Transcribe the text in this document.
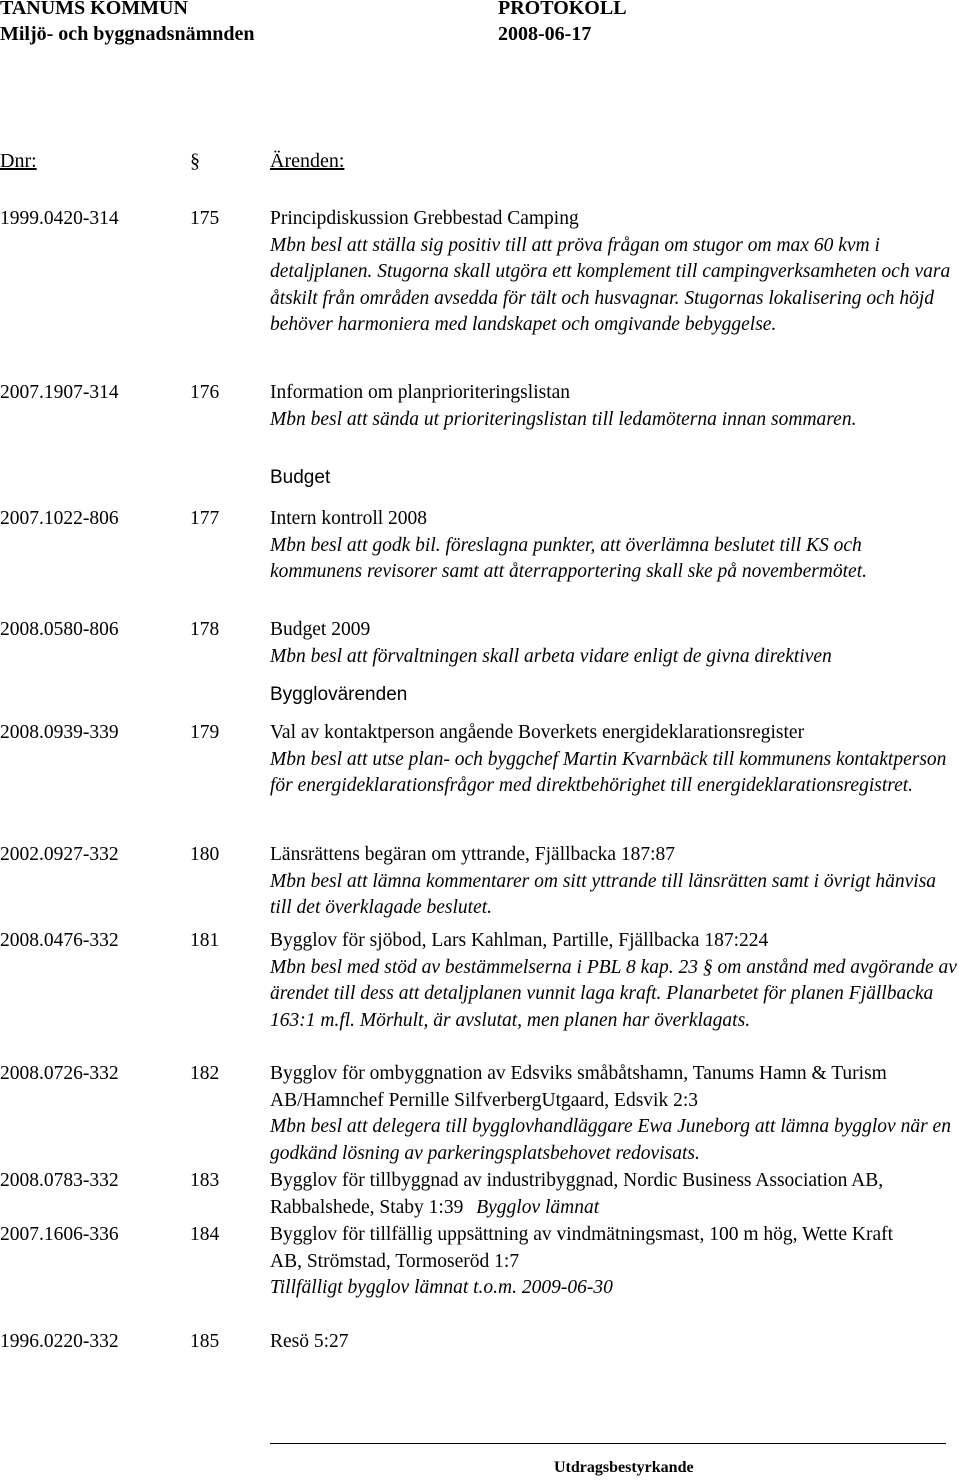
TANUMS KOMMUN
Miljö- och byggnadsnämnden
PROTOKOLL
2008-06-17
Dnr:	§	Ärenden:
1999.0420-314	175	Principdiskussion Grebbestad Camping
Mbn besl att ställa sig positiv till att pröva frågan om stugor om max 60 kvm i detaljplanen. Stugorna skall utgöra ett komplement till campingverksamheten och vara åtskilt från områden avsedda för tält och husvagnar. Stugornas lokalisering och höjd behöver harmoniera med landskapet och omgivande bebyggelse.
2007.1907-314	176	Information om planprioriteringslistan
Mbn besl att sända ut prioriteringslistan till ledamöterna innan sommaren.
Budget
2007.1022-806	177	Intern kontroll 2008
Mbn besl att godk bil. föreslagna punkter, att överlämna beslutet till KS och kommunens revisorer samt att återrapportering skall ske på novembermötet.
2008.0580-806	178	Budget 2009
Mbn besl att förvaltningen skall arbeta vidare enligt de givna direktiven
Bygglovärenden
2008.0939-339	179	Val av kontaktperson angående Boverkets energideklarationsregister
Mbn besl att utse plan- och byggchef Martin Kvarnbäck till kommunens kontaktperson för energideklarationsfrågor med direktbehörighet till energideklarationsregistret.
2002.0927-332	180	Länsrättens begäran om yttrande, Fjällbacka 187:87
Mbn besl att lämna kommentarer om sitt yttrande till länsrätten samt i övrigt hänvisa till det överklagade beslutet.
2008.0476-332	181	Bygglov för sjöbod, Lars Kahlman, Partille, Fjällbacka 187:224
Mbn besl med stöd av bestämmelserna i PBL 8 kap. 23 § om anstånd med avgörande av ärendet till dess att detaljplanen vunnit laga kraft. Planarbetet för planen Fjällbacka 163:1 m.fl. Mörhult, är avslutat, men planen har överklagats.
2008.0726-332	182	Bygglov för ombyggnation av Edsviks småbåtshamn, Tanums Hamn & Turism AB/Hamnchef Pernille SilfverbergUtgaard, Edsvik 2:3
Mbn besl att delegera till bygglovhandläggare Ewa Juneborg att lämna bygglov när en godkänd lösning av parkeringsplatsbehovet redovisats.
2008.0783-332	183	Bygglov för tillbyggnad av industribyggnad, Nordic Business Association AB, Rabbalshede, Staby 1:39 Bygglov lämnat
2007.1606-336	184	Bygglov för tillfällig uppsättning av vindmätningsmast, 100 m hög, Wette Kraft AB, Strömstad, Tormoseröd 1:7
Tillfälligt bygglov lämnat t.o.m. 2009-06-30
1996.0220-332	185	Resö 5:27
Utdragsbestyrkande
